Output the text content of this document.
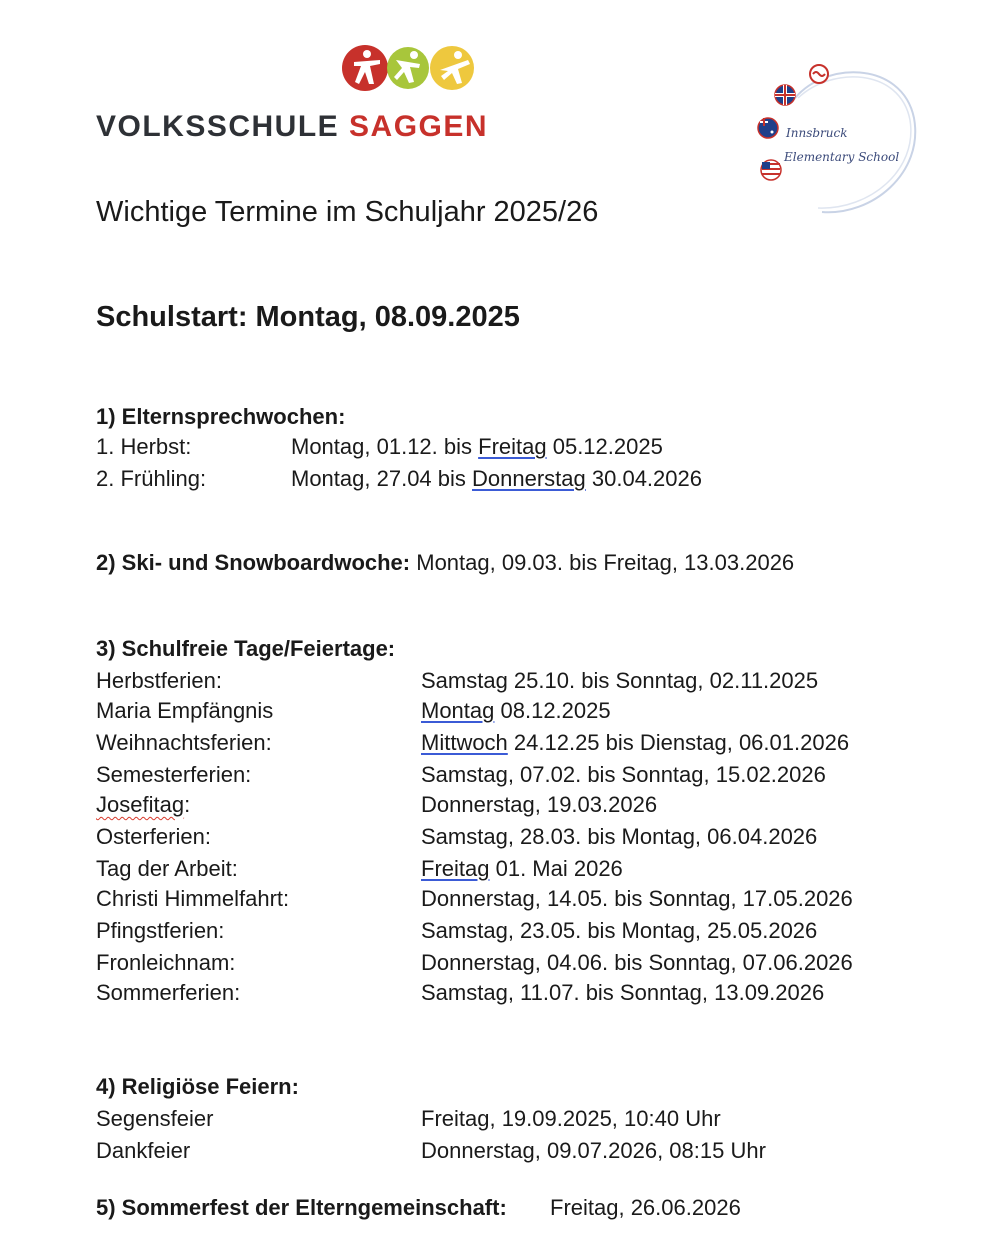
VOLKSSCHULE SAGGEN	Innsbruck
Elementary School
Wichtige Termine im Schuljahr 2025/26
Schulstart: Montag, 08.09.2025
1) Elternsprechwochen:
1. Herbst:	Montag, 01.12. bis Freitag 05.12.2025
2. Frühling:	Montag, 27.04 bis Donnerstag 30.04.2026
2) Ski- und Snowboardwoche: Montag, 09.03. bis Freitag, 13.03.2026
3) Schulfreie Tage/Feiertage:
Herbstferien:	Samstag 25.10. bis Sonntag, 02.11.2025
Maria Empfängnis	Montag 08.12.2025
Weihnachtsferien:	Mittwoch 24.12.25 bis Dienstag, 06.01.2026
Semesterferien:	Samstag, 07.02. bis Sonntag, 15.02.2026
Josefitag:	Donnerstag, 19.03.2026
Osterferien:	Samstag, 28.03. bis Montag, 06.04.2026
Tag der Arbeit:	Freitag 01. Mai 2026
Christi Himmelfahrt:	Donnerstag, 14.05. bis Sonntag, 17.05.2026
Pfingstferien:	Samstag, 23.05. bis Montag, 25.05.2026
Fronleichnam:	Donnerstag, 04.06. bis Sonntag, 07.06.2026
Sommerferien:	Samstag, 11.07. bis Sonntag, 13.09.2026
4) Religiöse Feiern:
Segensfeier	Freitag, 19.09.2025, 10:40 Uhr
Dankfeier	Donnerstag, 09.07.2026, 08:15 Uhr
5) Sommerfest der Elterngemeinschaft: Freitag, 26.06.2026
